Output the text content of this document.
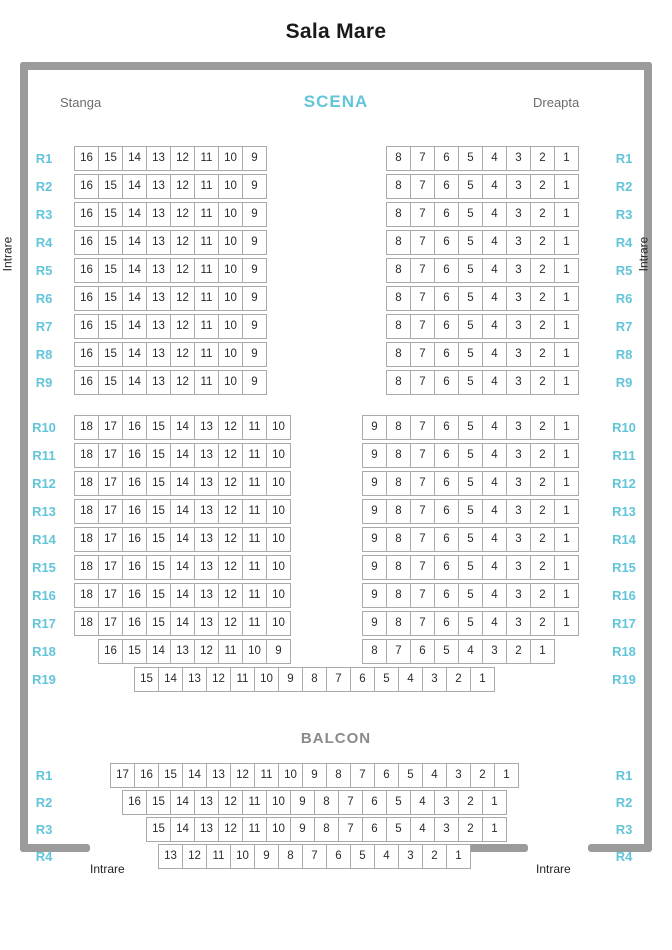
Sala Mare
Intrare	Intrare
Intrare	Intrare
SCENA
Stanga	Dreapta
BALCON
R1	R1
16 15 14 13 12	11	10	9	8	7	6	5	4	3	2	1
R2	R2
16 15 14 13 12	11	10	9	8	7	6	5	4	3	2	1
R3	R3
16 15 14 13 12	11	10	9	8	7	6	5	4	3	2	1
R4	R4
16 15 14 13 12	11	10	9	8	7	6	5	4	3	2	1
R5	R5
16 15 14 13 12	11	10	9	8	7	6	5	4	3	2	1
R6	R6
16 15 14 13 12	11	10	9	8	7	6	5	4	3	2	1
R7	R7
16 15 14 13 12	11	10	9	8	7	6	5	4	3	2	1
R8	R8
16 15 14 13 12	11	10	9	8	7	6	5	4	3	2	1
R9	R9
16 15 14 13 12	11	10	9	8	7	6	5	4	3	2	1
R10	R10
18 17 16 15 14 13 12	11	10	9	8	7	6	5	4	3	2	1
R11	R11
18 17 16 15 14 13 12	11	10	9	8	7	6	5	4	3	2	1
R12	R12
18 17 16 15 14 13 12	11	10	9	8	7	6	5	4	3	2	1
R13	R13
18 17 16 15 14 13 12	11	10	9	8	7	6	5	4	3	2	1
R14	R14
18 17 16 15 14 13 12	11	10	9	8	7	6	5	4	3	2	1
R15	R15
18 17 16 15 14 13 12	11	10	9	8	7	6	5	4	3	2	1
R16	R16
18 17 16 15 14 13 12	11	10	9	8	7	6	5	4	3	2	1
R17	R17
18 17 16 15 14 13 12	11	10	9	8	7	6	5	4	3	2	1
R18	R18
16 15 14 13 12	11	10	9	8	7	6	5	4	3	2	1
R19	R19
15 14 13 12	11	10	9	8	7	6	5	4	3	2	1
R1	R1
17 16 15 14 13 12	11	10	9	8	7	6	5	4	3	2	1
R2	R2
16 15 14 13 12	11	10	9	8	7	6	5	4	3	2	1
R3	R3
15 14 13 12	11	10	9	8	7	6	5	4	3	2	1
R4	R4
13 12	11	10	9	8	7	6	5	4	3	2	1
